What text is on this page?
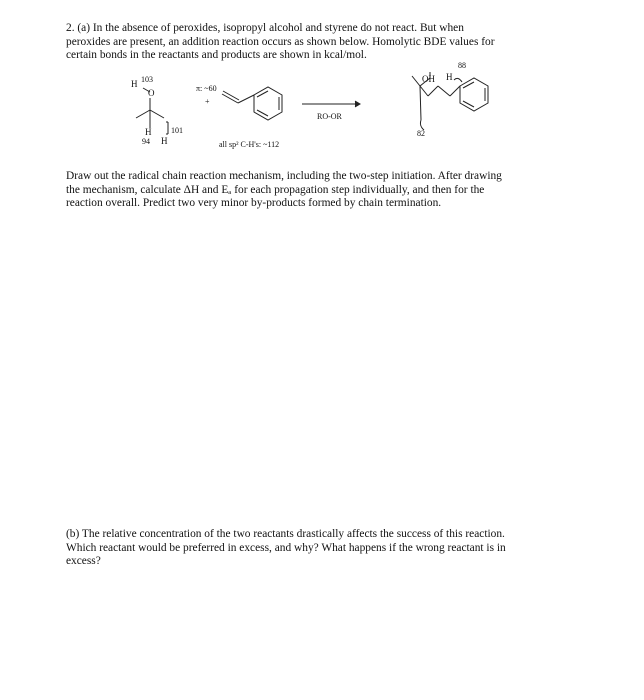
2. (a) In the absence of peroxides, isopropyl alcohol and styrene do not react. But when
peroxides are present, an addition reaction occurs as shown below. Homolytic BDE values for
certain bonds in the reactants and products are shown in kcal/mol.
H 103
O
H 101
94 H
π: ~60
+
all sp² C-H's: ~112
RO-OR
OH H
88
82
Draw out the radical chain reaction mechanism, including the two-step initiation. After drawing
the mechanism, calculate ΔH and Eₐ for each propagation step individually, and then for the
reaction overall. Predict two very minor by-products formed by chain termination.
(b) The relative concentration of the two reactants drastically affects the success of this reaction.
Which reactant would be preferred in excess, and why? What happens if the wrong reactant is in
excess?
